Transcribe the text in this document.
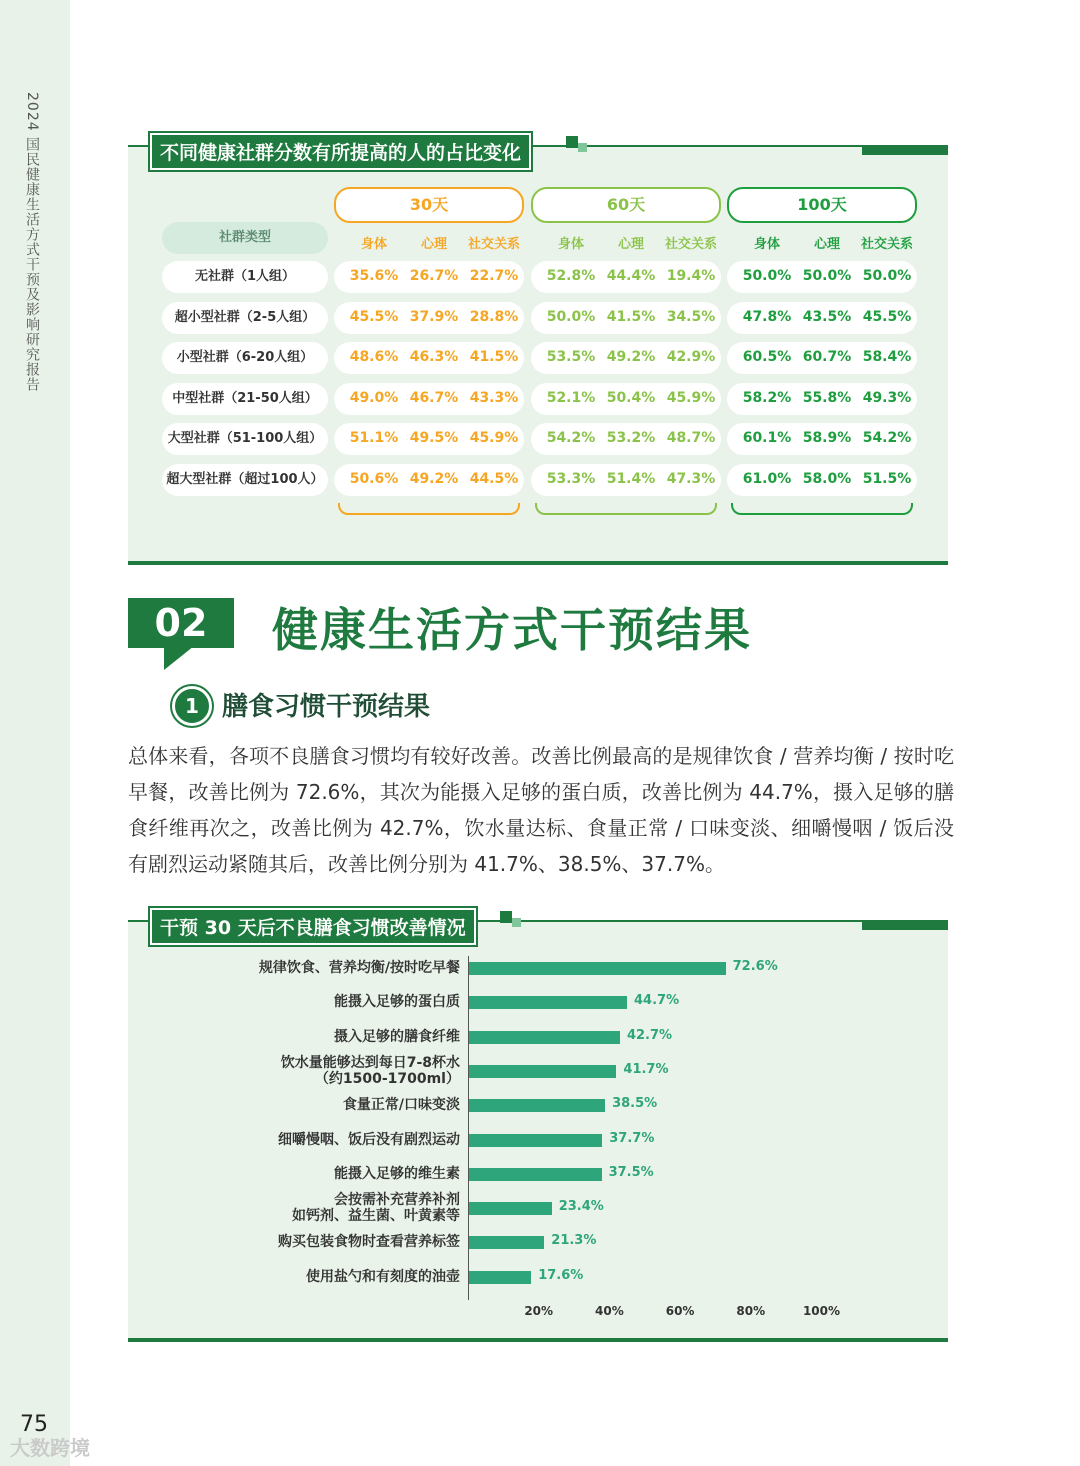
2024 国民健康生活方式干预及影响研究报告
75
大数跨境
不同健康社群分数有所提高的人的占比变化
社群类型
30天
身体	心理	社交关系
60天
身体	心理	社交关系
100天
身体	心理	社交关系
无社群（1人组）	35.6% 26.7% 22.7%	52.8% 44.4% 19.4%	50.0% 50.0% 50.0%
超小型社群（2-5人组）	45.5% 37.9% 28.8%	50.0% 41.5% 34.5%	47.8% 43.5% 45.5%
小型社群（6-20人组）	48.6% 46.3% 41.5%	53.5% 49.2% 42.9%	60.5% 60.7% 58.4%
中型社群（21-50人组）	49.0% 46.7% 43.3%	52.1% 50.4% 45.9%	58.2% 55.8% 49.3%
大型社群（51-100人组）	51.1% 49.5% 45.9%	54.2% 53.2% 48.7%	60.1% 58.9% 54.2%
超大型社群（超过100人）	50.6% 49.2% 44.5%	53.3% 51.4% 47.3%	61.0% 58.0% 51.5%
02	健康生活方式干预结果
1 膳食习惯干预结果
总体来看，各项不良膳食习惯均有较好改善。改善比例最高的是规律饮食 / 营养均衡 / 按时吃早餐，改善比例为 72.6%，其次为能摄入足够的蛋白质，改善比例为 44.7%，摄入足够的膳食纤维再次之，改善比例为 42.7%，饮水量达标、食量正常 / 口味变淡、细嚼慢咽 / 饭后没有剧烈运动紧随其后，改善比例分别为 41.7%、38.5%、37.7%。
干预 30 天后不良膳食习惯改善情况
规律饮食、营养均衡/按时吃早餐	72.6%
能摄入足够的蛋白质	44.7%
摄入足够的膳食纤维	42.7%
饮水量能够达到每日7-8杯水
（约1500-1700ml）
41.7%
食量正常/口味变淡	38.5%
细嚼慢咽、饭后没有剧烈运动	37.7%
能摄入足够的维生素	37.5%
会按需补充营养补剂
如钙剂、益生菌、叶黄素等
23.4%
购买包装食物时查看营养标签	21.3%
使用盐勺和有刻度的油壶	17.6%
20%	40%	60%	80%	100%
